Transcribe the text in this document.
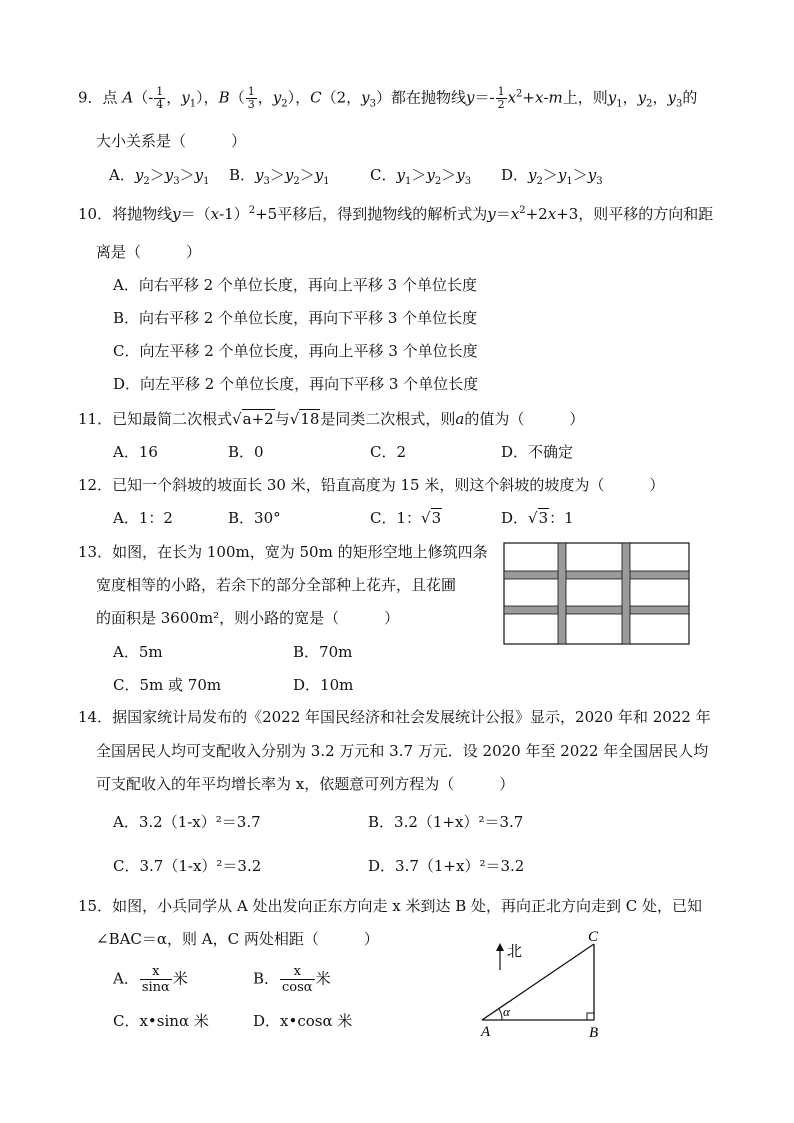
9．点 $A(- \frac{1}{4}$ ，$y_1$），$B( \frac{1}{3}$ ，$y_2$），C（2，$y_3$）都在抛物线$y=- \frac{1}{2} x^2+x-m$上，则$y_1$，$y_2$，$y_3$的
大小关系是（　　　）
A．$y_2>y_3>y_1$ B．$y_3>y_2>y_1$	C．$y_1>y_2>y_3$ D．$y_2>y_1>y_3$
10．将抛物线$y=(x-1)^2+5$平移后，得到抛物线的解析式为$y=x^2+2x+3$，则平移的方向和距
离是（　　　）
A．向右平移 2 个单位长度，再向上平移 3 个单位长度
B．向右平移 2 个单位长度，再向下平移 3 个单位长度
C．向左平移 2 个单位长度，再向上平移 3 个单位长度
D．向左平移 2 个单位长度，再向下平移 3 个单位长度
11．已知最简二次根式√a+2与√18是同类二次根式，则a的值为（　　　）
A．16	B．0	C．2	D．不确定
12．已知一个斜坡的坡面长 30 米，铅直高度为 15 米，则这个斜坡的坡度为（　　　）
A．1：2	B．30°	C．1：√3	D．√3：1
13．如图，在长为 100m，宽为 50m 的矩形空地上修筑四条
宽度相等的小路，若余下的部分全部种上花卉，且花圃
的面积是 3600m²，则小路的宽是（　　　）
A．5m	B．70m
C．5m 或 70m	D．10m
14．据国家统计局发布的《2022 年国民经济和社会发展统计公报》显示，2020 年和 2022 年
全国居民人均可支配收入分别为 3.2 万元和 3.7 万元．设 2020 年至 2022 年全国居民人均
可支配收入的年平均增长率为 x，依题意可列方程为（　　　）
A．3.2（1-x）²＝3.7	B．3.2（1+x）²＝3.7
C．3.7（1-x）²＝3.2	D．3.7（1+x）²＝3.2
15．如图，小兵同学从 A 处出发向正东方向走 x 米到达 B 处，再向正北方向走到 C 处，已知
∠BAC＝α，则 A，C 两处相距（　　　）
A． $\frac{x}{\sin\alpha}$ 米	B． $\frac{x}{\cos\alpha}$ 米
C．x•sinα 米	D．x•cosα 米
北
A	B
C
α
